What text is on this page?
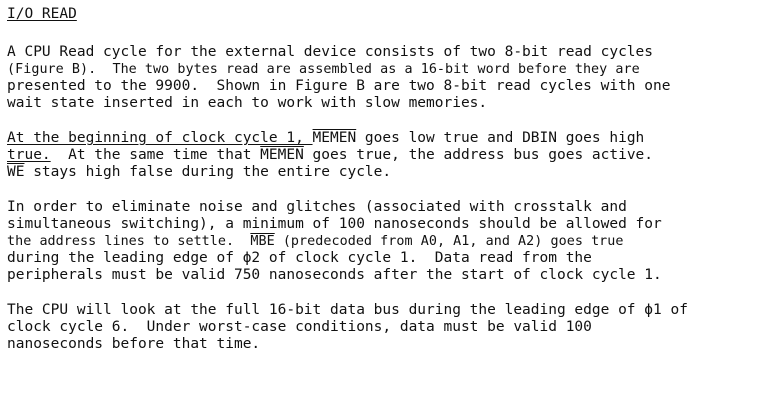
I/O READ
A CPU Read cycle for the external device consists of two 8-bit read cycles
(Figure B).  The two bytes read are assembled as a 16-bit word before they are
presented to the 9900.  Shown in Figure B are two 8-bit read cycles with one
wait state inserted in each to work with slow memories.
At the beginning of clock cycle 1, MEMEN goes low true and DBIN goes high
true.  At the same time that MEMEN goes true, the address bus goes active.
$\overline{WE}$ stays high false during the entire cycle.
In order to eliminate noise and glitches (associated with crosstalk and
simultaneous switching), a minimum of 100 nanoseconds should be allowed for
the address lines to settle.  $\overline{MBE}$ (predecoded from A0, A1, and A2) goes true
during the leading edge of ϕ2 of clock cycle 1.  Data read from the
peripherals must be valid 750 nanoseconds after the start of clock cycle 1.
The CPU will look at the full 16-bit data bus during the leading edge of ϕ1 of
clock cycle 6.  Under worst-case conditions, data must be valid 100
nanoseconds before that time.
